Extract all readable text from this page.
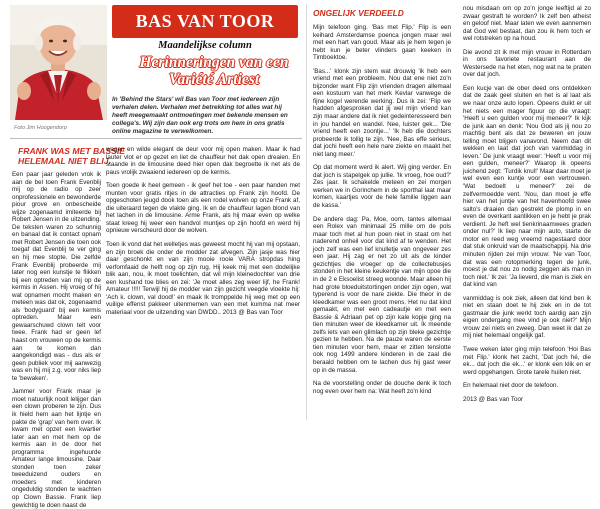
Foto Jim Hoogendorp
BAS VAN TOOR
Maandelijkse column
Herinneringen van een Variété Artiest
In 'Behind the Stars' wil Bas van Toor met iedereen zijn verhalen delen. Verhalen met betrekking tot alles wat hij heeft meegemaakt ontmoetingen met bekende mensen en collega's. Wij zijn dan ook erg trots om hem in ons gratis online magazine te verwelkomen.
FRANK WAS MET BASSIE HELEMAAL NIET BLIJ.

Een paar jaar geleden vrok ik aan de bel toen Frank Evenblij mij op de radio op zeer onprofessionele en bewonderde piour grove en onbescheide wijze zogenaamd imiteerde bij Robert Jensen in de uitzending. De teksten waren zo schunnig en banaal dat ik contact opnam met Robert Jensen die toen ook toegaf dat Evenblij te ver ging en hij mee stopte. Die zelfde Frank Evenblij probeerde mij later nog een kunstje te flikken bij een optreden van mij op de kermis in Assen. Hij vroeg of hij wat opnamen mocht maken en meteen was dat ok, zogenaamd als 'bodyguard' bij een kermis optreden. Maar een gewaarschuwd clown telt voor twee. Frank had er geen lef haast om vrouwen op de kermis aan te komen dan aangekondigd was - dus als er geen publiek voor mij aanwezig was en hij mij z.g. voor niks liep te 'bewaken'.

Jammer voor Frank maar je moet natuurlijk nooit lelijger dan een clown proberen te zijn. Dus ik hield hem aan het lijntje en pakte de 'grap' van hem over. Ik kwam met opzet een kwartier later aan en met hem op de kermis aan in de door het programma ingehuurde Amateur lange limousine. Daar stonden toen zeker tweeduizend ouders en moeders met kinderen ongeduldig stonden te wachten op Clown Bassie. Frank liep gewichtig te doen naast de

wagen en wilde elegant de deur voor mij open maken. Maar ik had lauter vlot er op gezet en liet de chauffeur het dak open dreaien. En staande in de limousine deed hier open dak begroette ik net als de paus vrolijk zwaaiend iedereen op de kermis.

Toen goede ik heel gemeen - ik geef het toe - een paar handen met munten voor gratis ritjes in de attracties op Frank zijn hoofd. De opgeschoten jeugd dook toen als een rodel wolven op onze Frank af, die uiteraard tegen de vlakte ging. Ik en de chauffeur lagen blond van het lachen in de limousine. Arme Frank, als hij maar even op welke staat kreeg hij weer een handvol muntjes op zijn hoofd en werd hij opnieuw verscheurd door de wolven.

Toen ik vond dat het welletjes was geweest mocht hij van mij opstaan, en zijn broek die onder de modder zat afvegen. Zijn jasje was hier daar geschonkt en van zijn mooie rooie VARA stropdas hing verfomfaaid de helft nog op zijn rug. Hij keek mij met een dodelijke blik aan, nou, ik moet toelichten, dat wil mijn kleinedochter van drie een kushand toe blies en zei: 'Je moet alles zeg weer lijf, he Frank! Amateur !!!!! Terwijl hij de modder van zijn gezicht veegde vloekte hij: 'Ach k. clown, val dood!' en maak Ik tromppelde hij weg met op een vuilige effenst pakkeer uitenmemen van een met kumma nat meer materiaal voor de uitzending van DWDD.. 2013 @ Bas van Toor

ONGELIJK VERDEELD

Mijn telefoon ging. 'Bas met Flip.' Flip is een keihard Amsterdamse poenca jongen maar wel met een hart van goud. Maar als je hem tegen je hebt kun je beter vlinders gaan keeken in Timboektoe.

'Bas...' klonk zijn stem wat drouwig 'ik heb een vriend met een probleem. Nou dat ene niet zo'n bijzonder want Flip zijn vrienden dragen allemaal een kostuum van het merk Kevlar vanwege de fijne kogel werende werking. Dus ik zei: 'Flip we hadden afgesproken dat jij wel mijn vriend kan zijn maar andere dat ik niet gedeinteresseerd ben in jou handel en wandel. Nee, luister gek... 'Die vriend heeft een zoontje...' 'Ik heb die dochters probeerde ik tollig te zijn. 'Nee, Bas effe serieus, dat jochi heeft een hele nare ziekte en maakt het niet lang meer.'

Op dat moment werd ik alert. Wij ging verder. En dat joch is stapelgek op jullie. 'Ik vroeg, hoe oud?' Zes jaar. Ik schakelde meteen en zei morgen werken we in Gorinchem in de sporthal laat maar komen, kaartjes voor de hele familie liggen aan de kassa.'

De andere dag: Pa, Moe, oom, tantes allemaal een Rolex van minimaal 25 mille om de pols maar toch met al hun poen niet in staat om het naderend onheil voor dat kind af te wenden. Het joch zelf was een lief knulletje van ongeveer zes een jaar. Hij zag er net zo uit als de kinder gezichtjes die vroeger op de collectebusjes stonden in het kleine keukentje van mijn opoe die in de 2 e Eksoelist streeg woonde. Maar alleen hij had grote bloeduitstortingen onder zijn ogen, wat typerend is voor de nare ziekte. Die theor in de kleedkamer was een groot mens. Het nu dat kind gemaakt, en met een cadeautje en met een Bassie & Adriaan pet op zijn kale kopje ging na tien minuten weer de kleedkamer uit. Ik meende zelfs iets van een glimlach op zijn bleke gezichtje gezien te hebben. Na de pauze waren de eerste tien minuten voor hem, maar er zitten tenslotte ook nog 1499 andere kinderen in de zaal die beraald hebben om te lachen dus hij gast weer op in de massa.

Na de voorstelling onder de douche denk ik toch nog even over hem na: Wat heeft zo'n kind

nou misdaan om op zo'n jonge leeftijd al zo zwaar gestraft te worden? Ik zelf ben atheist en geloof niet. Maar laten we even aannemen dat God wel bestaat, dan zou ik hem toch er wel rotstreken op na houd.

Die avond zit ik met mijn vrouw in Rotterdam in ons favoriete restaurant aan de Westersede na het eten, nog wat na te praten over dat joch.

Een kucje van de ober deed ons ontdekken dat de zaak geel sluiten en het is al laat als we naar onze auto lopen. Opeens duikt er uit het niets een mager figuur op die vraagt: 'Heeft u een gulden voor mij meneer?' Ik kijk de junk aan en denk: 'Nou God als jij nou zo machtig bent als dat ze beweren en jouw telling moet blijgen vanavond. Neem dan dit wekken en laat dat joch van vanmiddag in leven.' De junk vraagt weer: 'Heeft u voor mij een gulden, meneer?' Waarop ik opeens juichend zegt: 'Turdik knul!' Maar daar moet je wel even een kuntje voor een vertrouwen. 'Wat bedoelt u meneer?' zei de zelfvermoedde vent. 'Nou, dan moet je effe hier van het juntje van het havenhoofd swee salto's draaien dan gestrekt de plomp in en even de overkant aantikken en je hebt je prak verdient. Je heft wel tienkrinaamwees graden onder nul?' Ik liep naar mijn auto, starte de motor en reed weg vreemd nagestaard door dat stuk onkruid van de maatschappij. Na drie minuten rijden zei mijn vrouw: 'Ne van Toor, dat was een rotopmerking tegen de junk, moest je dat nou zo nodig zeggen als man in toch niet.' Ik zei: 'Ja lieverd, die man is ziek en dat kind van

vanmiddag is ook ziek, alleen dat kind ben ik niet en staan doet te hij ziek en in de tot gastmaar die junk werkt toch aardig aan zijn eigen ondergang mee vind je ook niet?' Mijn vrouw zei niets en zweeg. Dan weet ik dat ze mij niet helemaal ongelijk gaf.

Twee weken later ging mijn telefoon 'Hoi Bas met Flip.' klonk het zacht, 'Dat joch hé, die ek... dat joch die ek...' er klonk een klik en er werd opgehangen. Grote tarele huilen niet.

En helemaal niet door de telefoon.

2013 @ Bas van Toor
